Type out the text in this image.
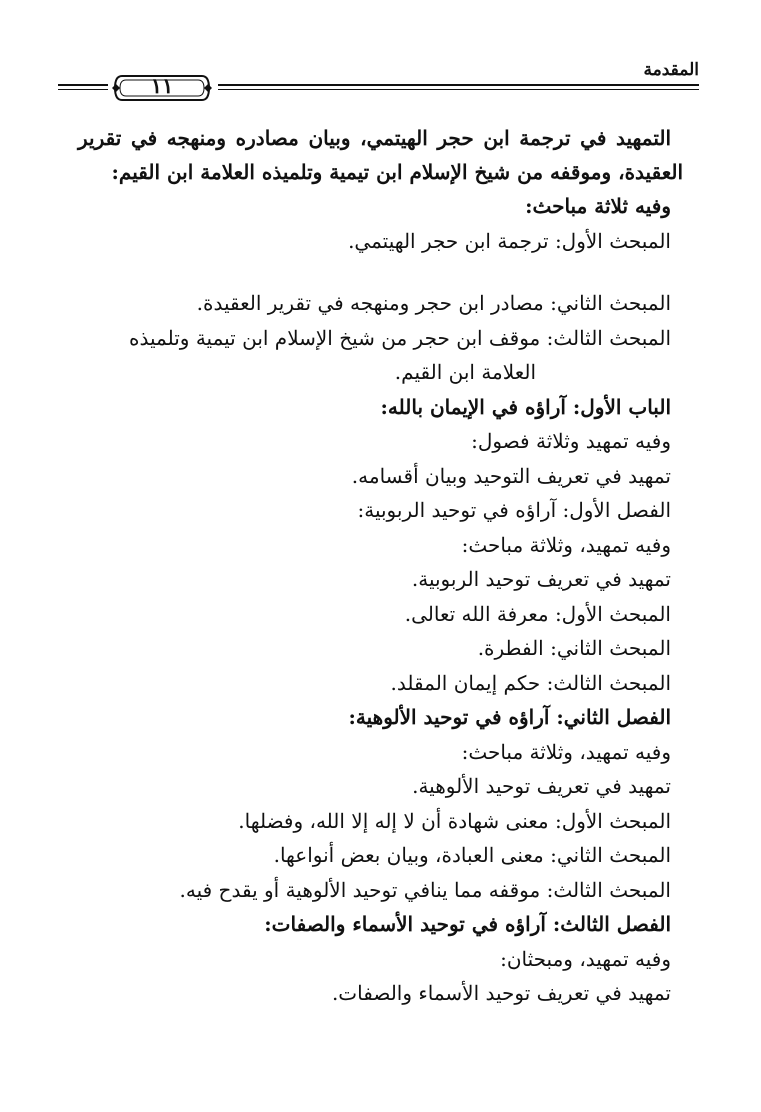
المقدمة
١١
التمهيد في ترجمة ابن حجر الهيتمي، وبيان مصادره ومنهجه في تقرير
العقيدة، وموقفه من شيخ الإسلام ابن تيمية وتلميذه العلامة ابن القيم:
وفيه ثلاثة مباحث:
المبحث الأول: ترجمة ابن حجر الهيتمي.
المبحث الثاني: مصادر ابن حجر ومنهجه في تقرير العقيدة.
المبحث الثالث: موقف ابن حجر من شيخ الإسلام ابن تيمية وتلميذه
العلامة ابن القيم.
الباب الأول: آراؤه في الإيمان بالله:
وفيه تمهيد وثلاثة فصول:
تمهيد في تعريف التوحيد وبيان أقسامه.
الفصل الأول: آراؤه في توحيد الربوبية:
وفيه تمهيد، وثلاثة مباحث:
تمهيد في تعريف توحيد الربوبية.
المبحث الأول: معرفة الله تعالى.
المبحث الثاني: الفطرة.
المبحث الثالث: حكم إيمان المقلد.
الفصل الثاني: آراؤه في توحيد الألوهية:
وفيه تمهيد، وثلاثة مباحث:
تمهيد في تعريف توحيد الألوهية.
المبحث الأول: معنى شهادة أن لا إله إلا الله، وفضلها.
المبحث الثاني: معنى العبادة، وبيان بعض أنواعها.
المبحث الثالث: موقفه مما ينافي توحيد الألوهية أو يقدح فيه.
الفصل الثالث: آراؤه في توحيد الأسماء والصفات:
وفيه تمهيد، ومبحثان:
تمهيد في تعريف توحيد الأسماء والصفات.
